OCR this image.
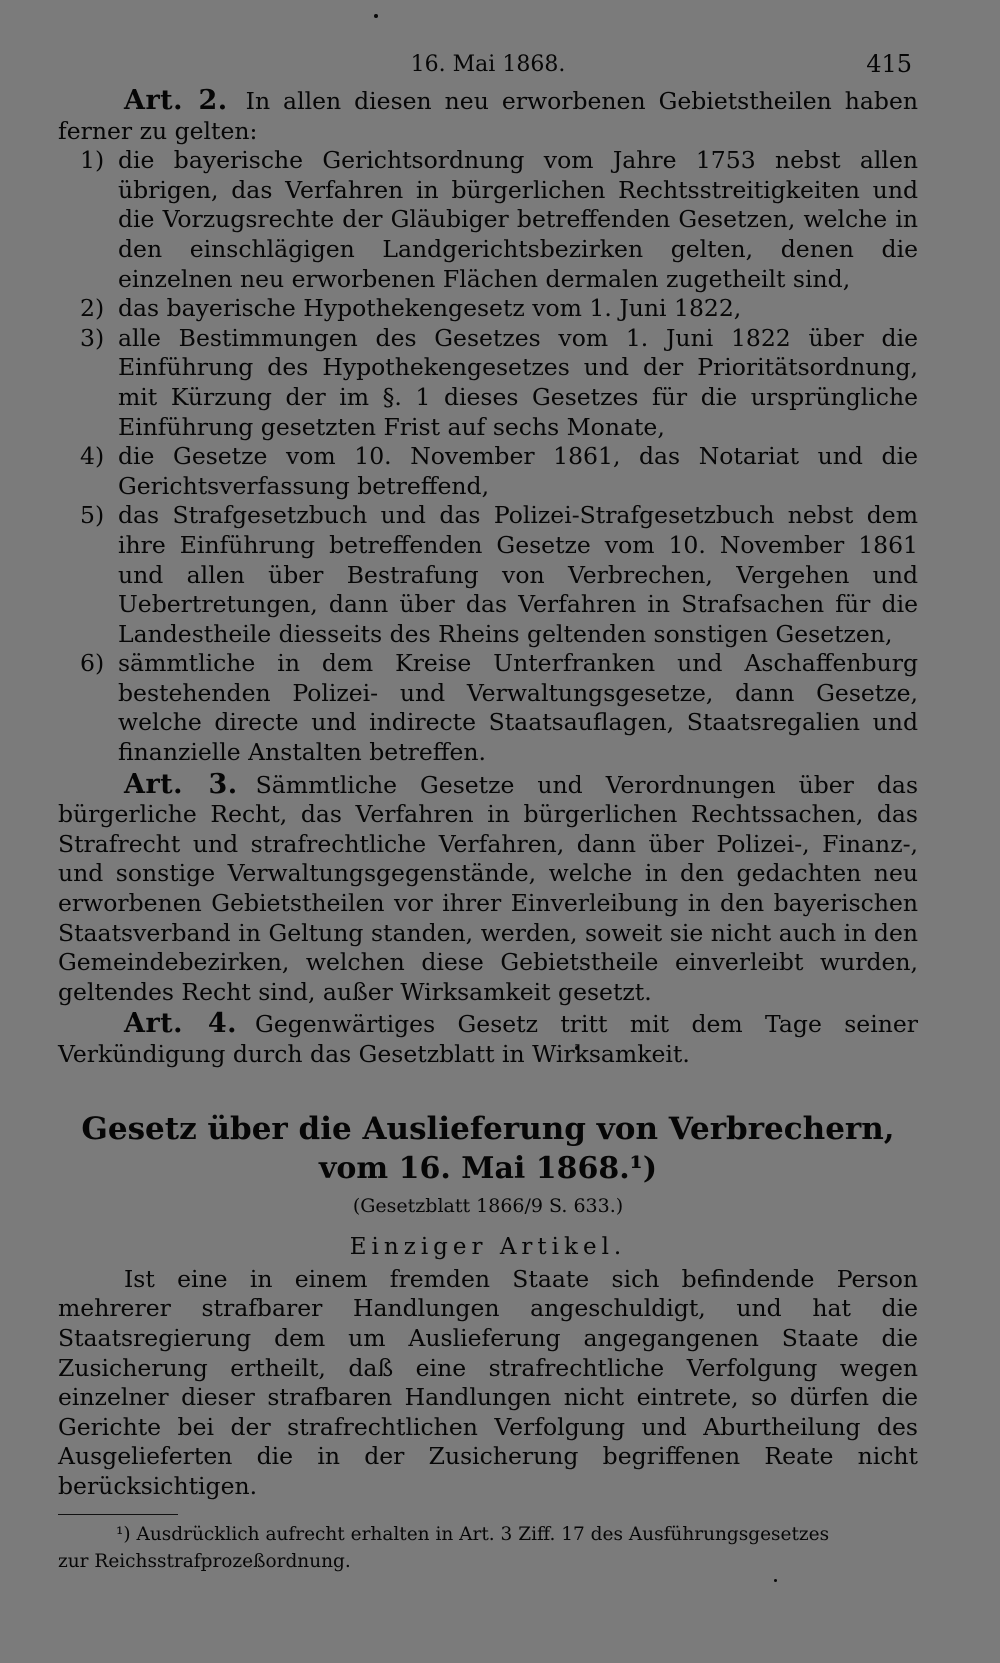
16. Mai 1868.	415

Art. 2. In allen diesen neu erworbenen Gebietstheilen haben ferner zu gelten:

1) die bayerische Gerichtsordnung vom Jahre 1753 nebst allen übrigen, das Verfahren in bürgerlichen Rechtsstreitigkeiten und die Vorzugsrechte der Gläubiger betreffenden Gesetzen, welche in den einschlägigen Landgerichtsbezirken gelten, denen die einzelnen neu erworbenen Flächen dermalen zugetheilt sind,
2) das bayerische Hypothekengesetz vom 1. Juni 1822,
3) alle Bestimmungen des Gesetzes vom 1. Juni 1822 über die Einführung des Hypothekengesetzes und der Prioritätsordnung, mit Kürzung der im §. 1 dieses Gesetzes für die ursprüngliche Einführung gesetzten Frist auf sechs Monate,
4) die Gesetze vom 10. November 1861, das Notariat und die Gerichtsverfassung betreffend,
5) das Strafgesetzbuch und das Polizei-Strafgesetzbuch nebst dem ihre Einführung betreffenden Gesetze vom 10. November 1861 und allen über Bestrafung von Verbrechen, Vergehen und Uebertretungen, dann über das Verfahren in Strafsachen für die Landestheile diesseits des Rheins geltenden sonstigen Gesetzen,
6) sämmtliche in dem Kreise Unterfranken und Aschaffenburg bestehenden Polizei- und Verwaltungsgesetze, dann Gesetze, welche directe und indirecte Staatsauflagen, Staatsregalien und finanzielle Anstalten betreffen.

Art. 3. Sämmtliche Gesetze und Verordnungen über das bürgerliche Recht, das Verfahren in bürgerlichen Rechtssachen, das Strafrecht und strafrechtliche Verfahren, dann über Polizei-, Finanz-, und sonstige Verwaltungsgegenstände, welche in den gedachten neu erworbenen Gebietstheilen vor ihrer Einverleibung in den bayerischen Staatsverband in Geltung standen, werden, soweit sie nicht auch in den Gemeindebezirken, welchen diese Gebietstheile einverleibt wurden, geltendes Recht sind, außer Wirksamkeit gesetzt.

Art. 4. Gegenwärtiges Gesetz tritt mit dem Tage seiner Verkündigung durch das Gesetzblatt in Wirksamkeit.

Gesetz über die Auslieferung von Verbrechern,
vom 16. Mai 1868.¹)
(Gesetzblatt 1866/9 S. 633.)
Einziger Artikel.

Ist eine in einem fremden Staate sich befindende Person mehrerer strafbarer Handlungen angeschuldigt, und hat die Staatsregierung dem um Auslieferung angegangenen Staate die Zusicherung ertheilt, daß eine strafrechtliche Verfolgung wegen einzelner dieser strafbaren Handlungen nicht eintrete, so dürfen die Gerichte bei der strafrechtlichen Verfolgung und Aburtheilung des Ausgelieferten die in der Zusicherung begriffenen Reate nicht berücksichtigen.

¹) Ausdrücklich aufrecht erhalten in Art. 3 Ziff. 17 des Ausführungsgesetzes
zur Reichsstrafprozeßordnung.
